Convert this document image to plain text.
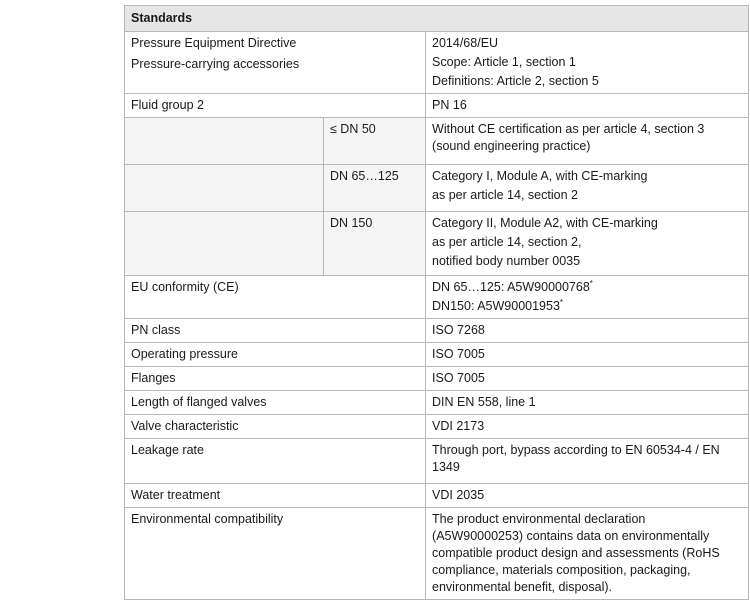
Standards		

Pressure Equipment Directive
Pressure-carrying accessories		2014/68/EU
Scope: Article 1, section 1
Definitions: Article 2, section 5

Fluid group 2		PN 16
	≤ DN 50	Without CE certification as per article 4, section 3
(sound engineering practice)

	DN 65…125	Category I, Module A, with CE-marking
as per article 14, section 2

	DN 150	Category II, Module A2, with CE-marking
as per article 14, section 2,
notified body number 0035

EU conformity (CE)		DN 65…125: A5W90000768*
DN150: A5W90001953*

PN class		ISO 7268
Operating pressure		ISO 7005
Flanges		ISO 7005
Length of flanged valves		DIN EN 558, line 1
Valve characteristic		VDI 2173
Leakage rate		Through port, bypass according to EN 60534-4 / EN
1349

Water treatment		VDI 2035
Environmental compatibility		The product environmental declaration
(A5W90000253) contains data on environmentally
compatible product design and assessments (RoHS
compliance, materials composition, packaging,
environmental benefit, disposal).
